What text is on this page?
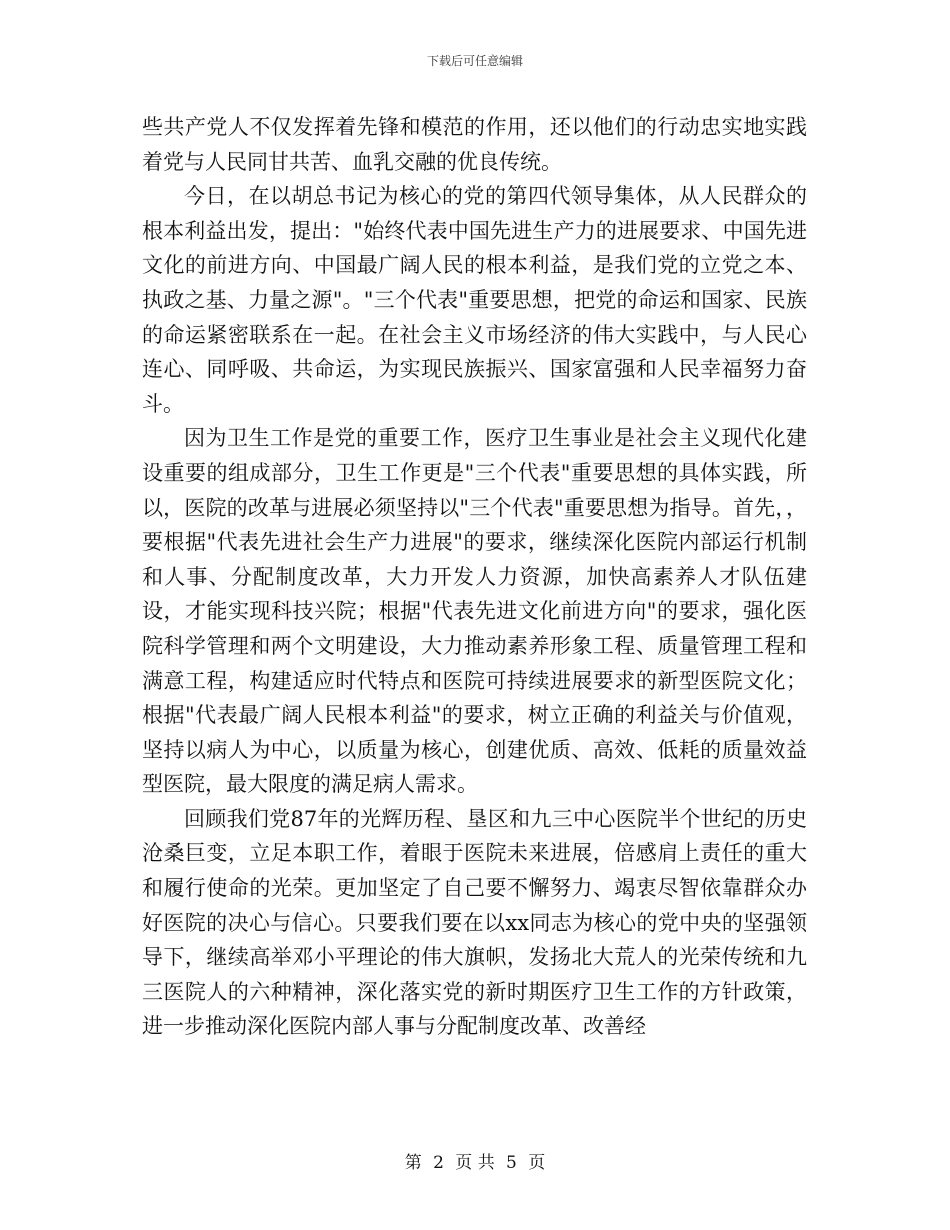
下载后可任意编辑

些共产党人不仅发挥着先锋和模范的作用，还以他们的行动忠实地实践着党与人民同甘共苦、血乳交融的优良传统。

今日，在以胡总书记为核心的党的第四代领导集体，从人民群众的根本利益出发，提出："始终代表中国先进生产力的进展要求、中国先进文化的前进方向、中国最广阔人民的根本利益，是我们党的立党之本、执政之基、力量之源"。"三个代表"重要思想，把党的命运和国家、民族的命运紧密联系在一起。在社会主义市场经济的伟大实践中，与人民心连心、同呼吸、共命运，为实现民族振兴、国家富强和人民幸福努力奋斗。

因为卫生工作是党的重要工作，医疗卫生事业是社会主义现代化建设重要的组成部分，卫生工作更是"三个代表"重要思想的具体实践，所以，医院的改革与进展必须坚持以"三个代表"重要思想为指导。首先，，要根据"代表先进社会生产力进展"的要求，继续深化医院内部运行机制和人事、分配制度改革，大力开发人力资源，加快高素养人才队伍建设，才能实现科技兴院；根据"代表先进文化前进方向"的要求，强化医院科学管理和两个文明建设，大力推动素养形象工程、质量管理工程和满意工程，构建适应时代特点和医院可持续进展要求的新型医院文化；根据"代表最广阔人民根本利益"的要求，树立正确的利益关与价值观，坚持以病人为中心，以质量为核心，创建优质、高效、低耗的质量效益型医院，最大限度的满足病人需求。

回顾我们党87年的光辉历程、垦区和九三中心医院半个世纪的历史沧桑巨变，立足本职工作，着眼于医院未来进展，倍感肩上责任的重大和履行使命的光荣。更加坚定了自己要不懈努力、竭衷尽智依靠群众办好医院的决心与信心。只要我们要在以xx同志为核心的党中央的坚强领导下，继续高举邓小平理论的伟大旗帜，发扬北大荒人的光荣传统和九三医院人的六种精神，深化落实党的新时期医疗卫生工作的方针政策，进一步推动深化医院内部人事与分配制度改革、改善经

第 2 页 共 5 页
